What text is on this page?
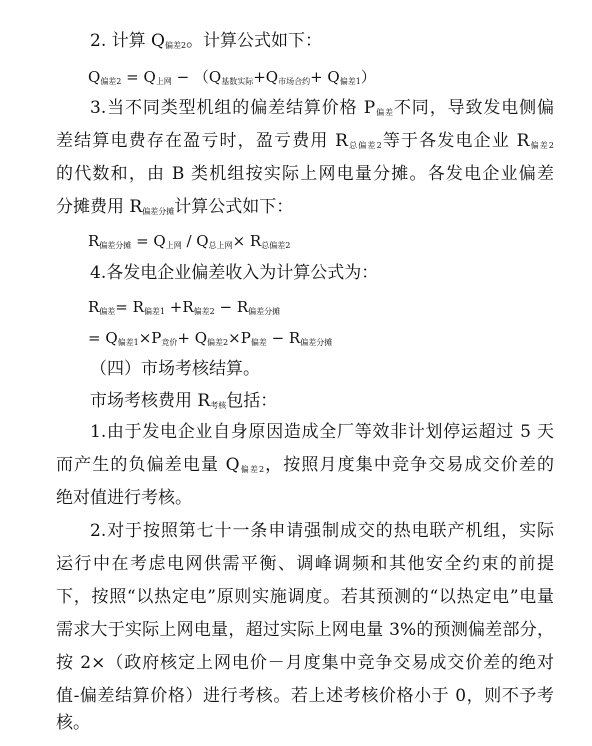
2. 计算 $Q_{偏差2}$。计算公式如下：
$Q_{偏差2} = Q_{上网} - (Q_{基数实际}+Q_{市场合约}+ Q_{偏差1})$
3.当不同类型机组的偏差结算价格 $P_{偏差}$不同，导致发电侧偏
差结算电费存在盈亏时，盈亏费用 $R_{总偏差2}$等于各发电企业 $R_{偏差2}$
的代数和，由 B 类机组按实际上网电量分摊。各发电企业偏差
分摊费用 $R_{偏差分摊}$计算公式如下：
$R_{偏差分摊} = Q_{上网} / Q_{总上网}\times R_{总偏差2}$
4.各发电企业偏差收入为计算公式为：
$R_{偏差}= R_{偏差1} +R_{偏差2} - R_{偏差分摊}$
= $Q_{偏差1}\times P_{竞价}+ Q_{偏差2}\times P_{偏差} - R_{偏差分摊}$
（四）市场考核结算。
市场考核费用 $R_{考核}$包括：
1.由于发电企业自身原因造成全厂等效非计划停运超过 5 天
而产生的负偏差电量 $Q_{偏差2}$，按照月度集中竞争交易成交价差的
绝对值进行考核。
2.对于按照第七十一条申请强制成交的热电联产机组，实际
运行中在考虑电网供需平衡、调峰调频和其他安全约束的前提
下，按照“以热定电”原则实施调度。若其预测的“以热定电”电量
需求大于实际上网电量，超过实际上网电量 3%的预测偏差部分，
按 2×（政府核定上网电价－月度集中竞争交易成交价差的绝对
值-偏差结算价格）进行考核。若上述考核价格小于 0，则不予考
核。
